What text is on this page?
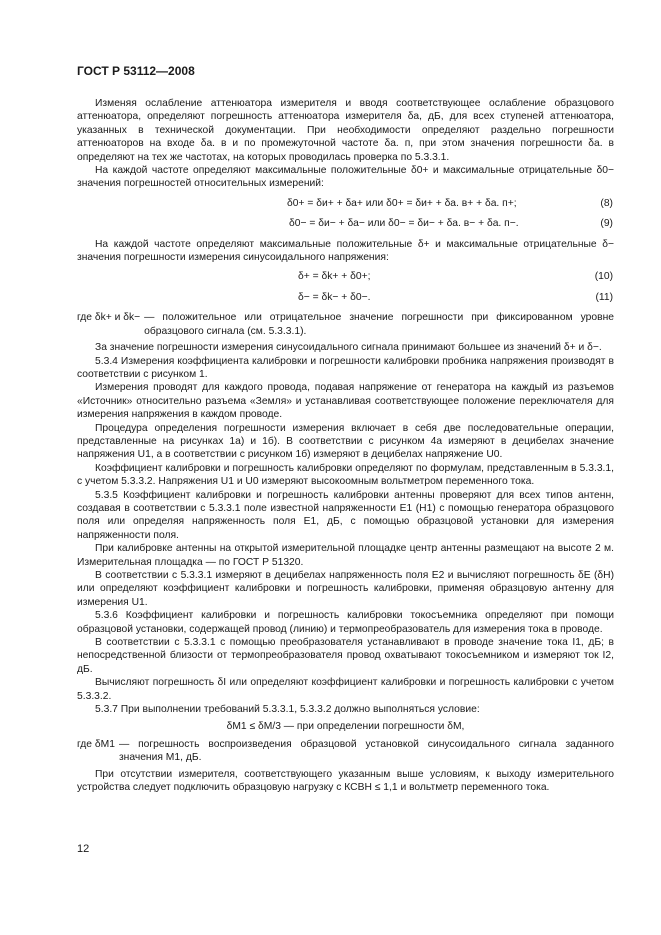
ГОСТ Р 53112—2008

Изменяя ослабление аттенюатора измерителя и вводя соответствующее ослабление образцового аттенюатора, определяют погрешность аттенюатора измерителя δа, дБ, для всех ступеней аттенюатора, указанных в технической документации. При необходимости определяют раздельно погрешности аттенюаторов на входе δа. в и по промежуточной частоте δа. п, при этом значения погрешности δа. в определяют на тех же частотах, на которых проводилась проверка по 5.3.3.1.

На каждой частоте определяют максимальные положительные δ0+ и максимальные отрицательные δ0− значения погрешностей относительных измерений:

δ0+ = δи+ + δа+ или δ0+ = δи+ + δа. в+ + δа. п+;	(8)
δ0− = δи− + δа− или δ0− = δи− + δа. в− + δа. п−.	(9)

На каждой частоте определяют максимальные положительные δ+ и максимальные отрицательные δ− значения погрешности измерения синусоидального напряжения:

δ+ = δk+ + δ0+;	(10)
δ− = δk− + δ0−.	(11)
где δk+ и δk− — положительное или отрицательное значение погрешности при фиксированном уровне образцового сигнала (см. 5.3.3.1).

За значение погрешности измерения синусоидального сигнала принимают большее из значений δ+ и δ−.

5.3.4 Измерения коэффициента калибровки и погрешности калибровки пробника напряжения производят в соответствии с рисунком 1.

Измерения проводят для каждого провода, подавая напряжение от генератора на каждый из разъемов «Источник» относительно разъема «Земля» и устанавливая соответствующее положение переключателя для измерения напряжения в каждом проводе.

Процедура определения погрешности измерения включает в себя две последовательные операции, представленные на рисунках 1а) и 1б). В соответствии с рисунком 4а измеряют в децибелах значение напряжения U1, а в соответствии с рисунком 1б) измеряют в децибелах напряжение U0.

Коэффициент калибровки и погрешность калибровки определяют по формулам, представленным в 5.3.3.1, с учетом 5.3.3.2. Напряжения U1 и U0 измеряют высокоомным вольтметром переменного тока.

5.3.5 Коэффициент калибровки и погрешность калибровки антенны проверяют для всех типов антенн, создавая в соответствии с 5.3.3.1 поле известной напряженности E1 (H1) с помощью генератора образцового поля или определяя напряженность поля E1, дБ, с помощью образцовой установки для измерения напряженности поля.

При калибровке антенны на открытой измерительной площадке центр антенны размещают на высоте 2 м. Измерительная площадка — по ГОСТ Р 51320.

В соответствии с 5.3.3.1 измеряют в децибелах напряженность поля E2 и вычисляют погрешность δE (δH) или определяют коэффициент калибровки и погрешность калибровки, применяя образцовую антенну для измерения U1.

5.3.6 Коэффициент калибровки и погрешность калибровки токосъемника определяют при помощи образцовой установки, содержащей провод (линию) и термопреобразователь для измерения тока в проводе.

В соответствии с 5.3.3.1 с помощью преобразователя устанавливают в проводе значение тока I1, дБ; в непосредственной близости от термопреобразователя провод охватывают токосъемником и измеряют ток I2, дБ.

Вычисляют погрешность δI или определяют коэффициент калибровки и погрешность калибровки с учетом 5.3.3.2.

5.3.7 При выполнении требований 5.3.3.1, 5.3.3.2 должно выполняться условие:

δM1 ≤ δM/3 — при определении погрешности δM,
где δM1 — погрешность воспроизведения образцовой установкой синусоидального сигнала заданного значения M1, дБ.

При отсутствии измерителя, соответствующего указанным выше условиям, к выходу измерительного устройства следует подключить образцовую нагрузку с КСВН ≤ 1,1 и вольтметр переменного тока.

12
